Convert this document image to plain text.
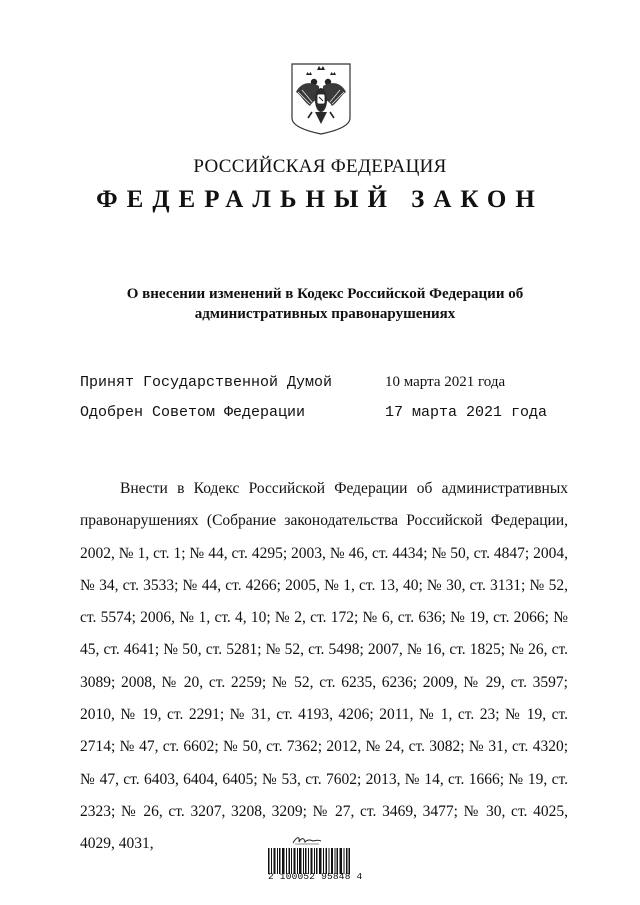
РОССИЙСКАЯ ФЕДЕРАЦИЯ
ФЕДЕРАЛЬНЫЙ ЗАКОН
О внесении изменений в Кодекс Российской Федерации об
административных правонарушениях
Принят Государственной Думой	10 марта 2021 года
Одобрен Советом Федерации	17 марта 2021 года
Внести в Кодекс Российской Федерации об административных правонарушениях (Собрание законодательства Российской Федерации, 2002, № 1, ст. 1; № 44, ст. 4295; 2003, № 46, ст. 4434; № 50, ст. 4847; 2004, № 34, ст. 3533; № 44, ст. 4266; 2005, № 1, ст. 13, 40; № 30, ст. 3131; № 52, ст. 5574; 2006, № 1, ст. 4, 10; № 2, ст. 172; № 6, ст. 636; № 19, ст. 2066; № 45, ст. 4641; № 50, ст. 5281; № 52, ст. 5498; 2007, № 16, ст. 1825; № 26, ст. 3089; 2008, № 20, ст. 2259; № 52, ст. 6235, 6236; 2009, № 29, ст. 3597; 2010, № 19, ст. 2291; № 31, ст. 4193, 4206; 2011, № 1, ст. 23; № 19, ст. 2714; № 47, ст. 6602; № 50, ст. 7362; 2012, № 24, ст. 3082; № 31, ст. 4320; № 47, ст. 6403, 6404, 6405; № 53, ст. 7602; 2013, № 14, ст. 1666; № 19, ст. 2323; № 26, ст. 3207, 3208, 3209; № 27, ст. 3469, 3477; № 30, ст. 4025, 4029, 4031,
2 100052 95848 4
